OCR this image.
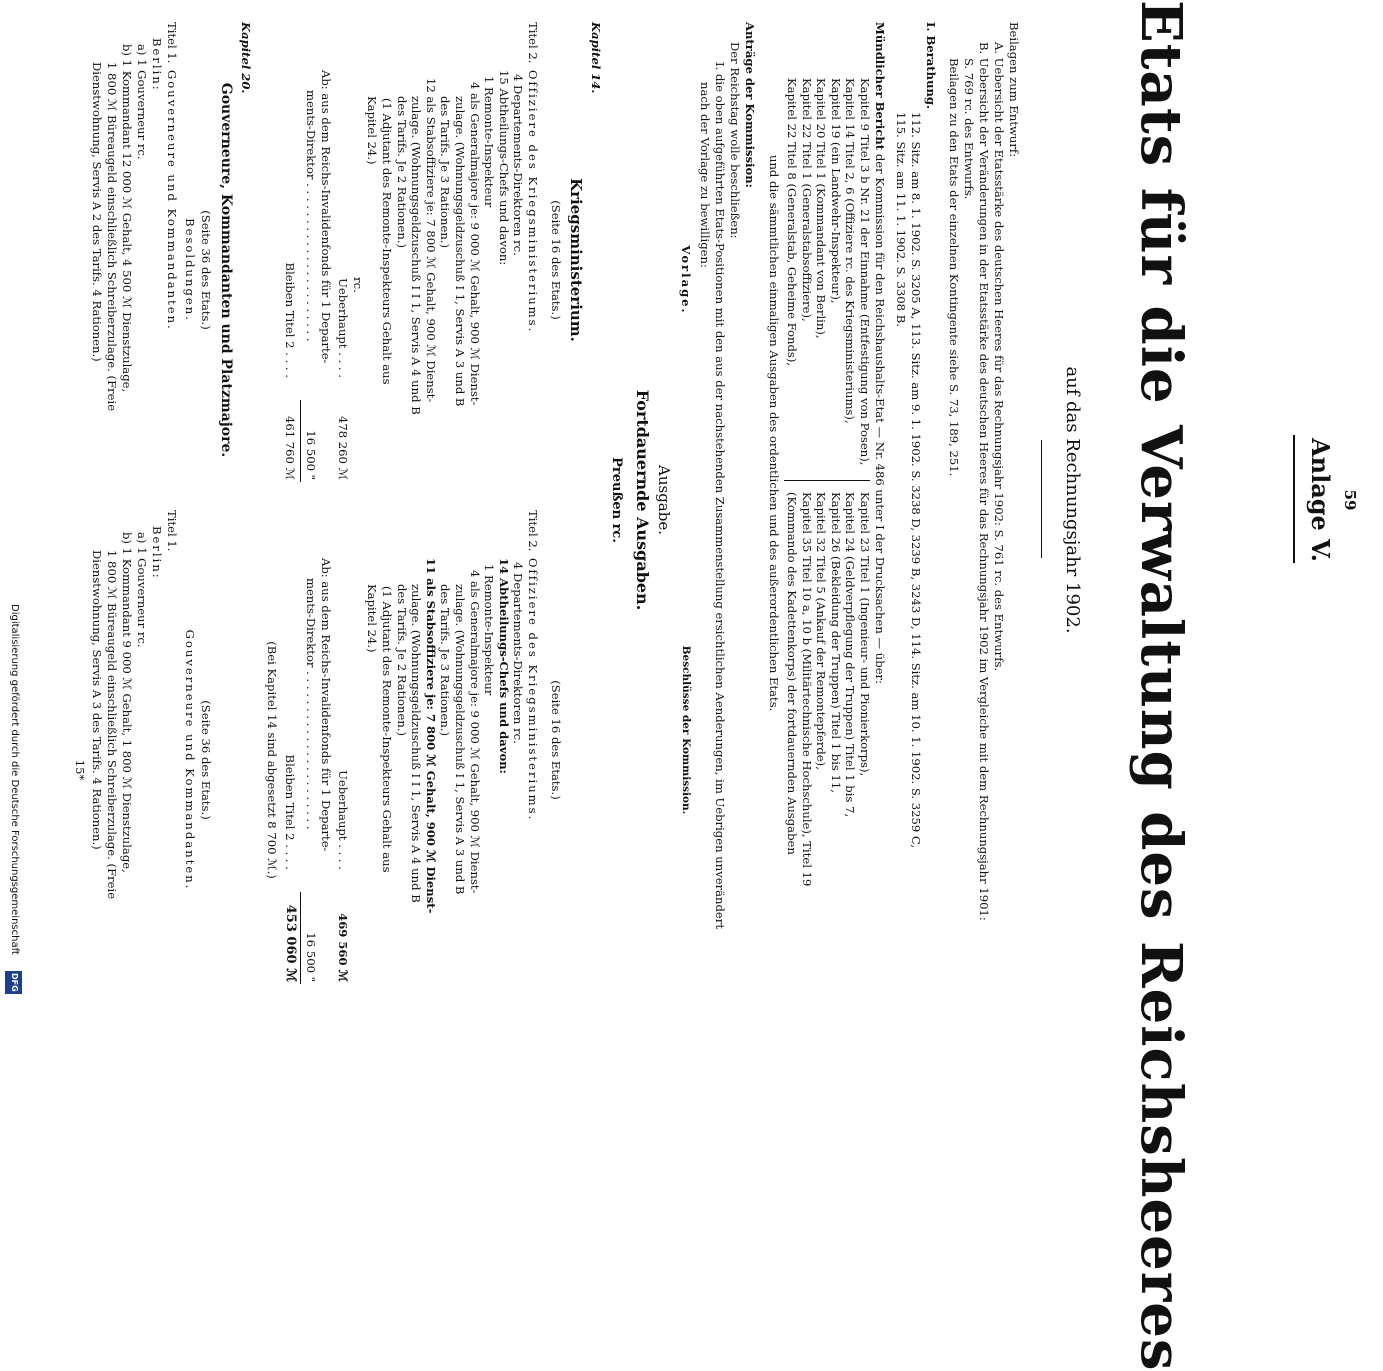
59
Anlage V.
Etats für die Verwaltung des Reichsheeres
auf das Rechnungsjahr 1902.
Beilagen zum Entwurf:
A. Uebersicht der Etatsstärke des deutschen Heeres für das Rechnungsjahr 1902: S. 761 rc. des Entwurfs.
B. Uebersicht der Veränderungen in der Etatsstärke des deutschen Heeres für das Rechnungsjahr 1902 im Vergleiche mit dem Rechnungsjahr 1901:
S. 769 rc. des Entwurfs.
Beilagen zu den Etats der einzelnen Kontingente siehe S. 73, 189, 251.
I. Berathung.
112. Sitz. am 8. 1. 1902. S. 3205 A, 113. Sitz. am 9. 1. 1902. S. 3238 D, 3239 B, 3243 D, 114. Sitz. am 10. 1. 1902. S. 3259 C,
115. Sitz. am 11. 1. 1902. S. 3308 B.
Mündlicher Bericht der Kommission für den Reichshaushalts-Etat — Nr. 486 unter I der Drucksachen — über:
Kapitel 9 Titel 3 b Nr. 21 der Einnahme (Entfestigung von Posen),
Kapitel 14 Titel 2, 6 (Offiziere rc. des Kriegsministeriums),
Kapitel 19 (ein Landwehr-Inspekteur),
Kapitel 20 Titel 1 (Kommandant von Berlin),
Kapitel 22 Titel 1 (Generalstabsoffiziere),
Kapitel 22 Titel 8 (Generalstab, Geheime Fonds),
Kapitel 23 Titel 1 (Ingenieur- und Pionierkorps),
Kapitel 24 (Geldverpflegung der Truppen) Titel 1 bis 7,
Kapitel 26 (Bekleidung der Truppen) Titel 1 bis 11,
Kapitel 32 Titel 5 (Ankauf der Remontepferde),
Kapitel 35 Titel 10 a, 10 b (Militärtechnische Hochschule), Titel 19
(Kommando des Kadettenkorps) der fortdauernden Ausgaben
und die sämmtlichen einmaligen Ausgaben des ordentlichen und des außerordentlichen Etats.
Anträge der Kommission:
Der Reichstag wolle beschließen:
I. die oben aufgeführten Etats-Positionen mit den aus der nachstehenden Zusammenstellung ersichtlichen Aenderungen, im Uebrigen unverändert
nach der Vorlage zu bewilligen:
Vorlage.
Beschlüsse der Kommission.
Ausgabe.
Fortdauernde Ausgaben.
Preußen rc.
Kapitel 14.
Kriegsministerium.
(Seite 16 des Etats.)
Titel 2.
Offiziere des Kriegsministeriums.
4 Departements-Direktoren rc.
15 Abtheilungs-Chefs und davon:
1 Remonte-Inspekteur
4 als Generalmajore je: 9 000 ℳ Gehalt, 900 ℳ Dienst-
zulage. (Wohnungsgeldzuschuß I 1, Servis A 3 und B
des Tarifs. Je 3 Rationen.)
12 als Stabsoffiziere je: 7 800 ℳ Gehalt, 900 ℳ Dienst-
zulage. (Wohnungsgeldzuschuß I I 1, Servis A 4 und B
des Tarifs. Je 2 Rationen.)
(1 Adjutant des Remonte-Inspekteurs Gehalt aus
Kapitel 24.)
rc.
Ueberhaupt . . . .
478 260 ℳ
Ab: aus dem Reichs-Invalidenfonds für 1 Departe-
ments-Direktor . . . . . . . . . . . . . . . . . . . . . .
16 500 "
Bleiben Titel 2 . . . .
461 760 ℳ
Kapitel 20.
Gouverneure, Kommandanten und Platzmajore.
(Seite 36 des Etats.)
Besoldungen.
Titel 1.
Gouverneure und Kommandanten.
Berlin:
a) 1 Gouverneur rc.
b) 1 Kommandant 12 000 ℳ Gehalt, 4 500 ℳ Dienstzulage,
1 800 ℳ Büreaugeld einschließlich Schreiberzulage. (Freie
Dienstwohnung, Servis A 2 des Tarifs. 4 Rationen.)
(Seite 16 des Etats.)
Titel 2.
Offiziere des Kriegsministeriums.
4 Departements-Direktoren rc.
14 Abtheilungs-Chefs und davon:
1 Remonte-Inspekteur
4 als Generalmajore je: 9 000 ℳ Gehalt, 900 ℳ Dienst-
zulage. (Wohnungsgeldzuschuß I 1, Servis A 3 und B
des Tarifs. Je 3 Rationen.)
11 als Stabsoffiziere je: 7 800 ℳ Gehalt, 900 ℳ Dienst-
zulage. (Wohnungsgeldzuschuß I I 1, Servis A 4 und B
des Tarifs. Je 2 Rationen.)
(1 Adjutant des Remonte-Inspekteurs Gehalt aus
Kapitel 24.)
Ueberhaupt . . . .
469 560 ℳ
Ab: aus dem Reichs-Invalidenfonds für 1 Departe-
ments-Direktor . . . . . . . . . . . . . . . . . . . . . .
16 500 "
Bleiben Titel 2 . . . .
453 060 ℳ
(Bei Kapitel 14 sind abgesetzt 8 700 ℳ.)
(Seite 36 des Etats.)
Gouverneure und Kommandanten.
Titel 1.
Berlin:
a) 1 Gouverneur rc.
b) 1 Kommandant 9 000 ℳ Gehalt, 1 800 ℳ Dienstzulage,
1 800 ℳ Büreaugeld einschließlich Schreiberzulage. (Freie
Dienstwohnung, Servis A 3 des Tarifs. 4 Rationen.)
15*
Digitalisierung gefördert durch die Deutsche Forschungsgemeinschaft
DFG
